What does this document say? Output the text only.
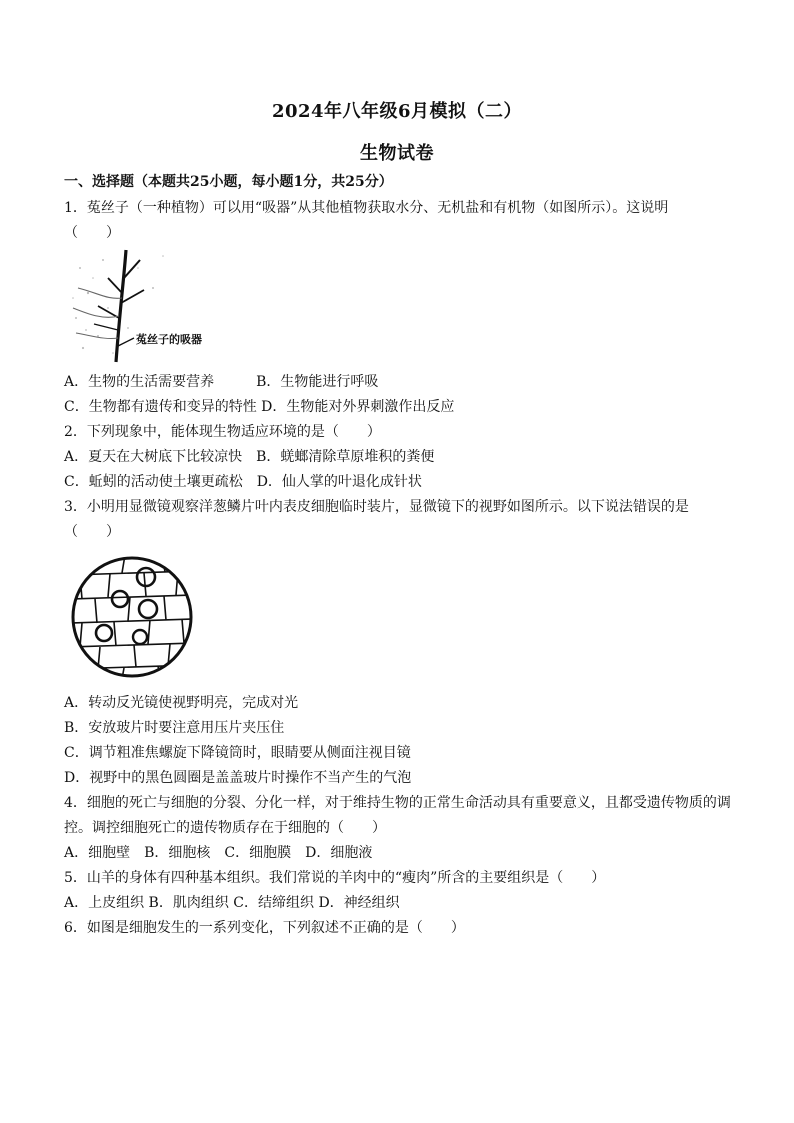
2024年八年级6月模拟（二）
生物试卷
一、选择题（本题共25小题，每小题1分，共25分）
1．菟丝子（一种植物）可以用“吸器”从其他植物获取水分、无机盐和有机物（如图所示）。这说明
（　　）
菟丝子的吸器
A．生物的生活需要营养　　　B．生物能进行呼吸
C．生物都有遗传和变异的特性 D．生物能对外界刺激作出反应
2．下列现象中，能体现生物适应环境的是（　　）
A．夏天在大树底下比较凉快　B．蜣螂清除草原堆积的粪便
C．蚯蚓的活动使土壤更疏松　D．仙人掌的叶退化成针状
3．小明用显微镜观察洋葱鳞片叶内表皮细胞临时装片，显微镜下的视野如图所示。以下说法错误的是
（　　）
A．转动反光镜使视野明亮，完成对光
B．安放玻片时要注意用压片夹压住
C．调节粗准焦螺旋下降镜筒时，眼睛要从侧面注视目镜
D．视野中的黑色圆圈是盖盖玻片时操作不当产生的气泡
4．细胞的死亡与细胞的分裂、分化一样，对于维持生物的正常生命活动具有重要意义，且都受遗传物质的调
控。调控细胞死亡的遗传物质存在于细胞的（　　）
A．细胞壁　B．细胞核　C．细胞膜　D．细胞液
5．山羊的身体有四种基本组织。我们常说的羊肉中的“瘦肉”所含的主要组织是（　　）
A．上皮组织 B．肌肉组织 C．结缔组织 D．神经组织
6．如图是细胞发生的一系列变化，下列叙述不正确的是（　　）
